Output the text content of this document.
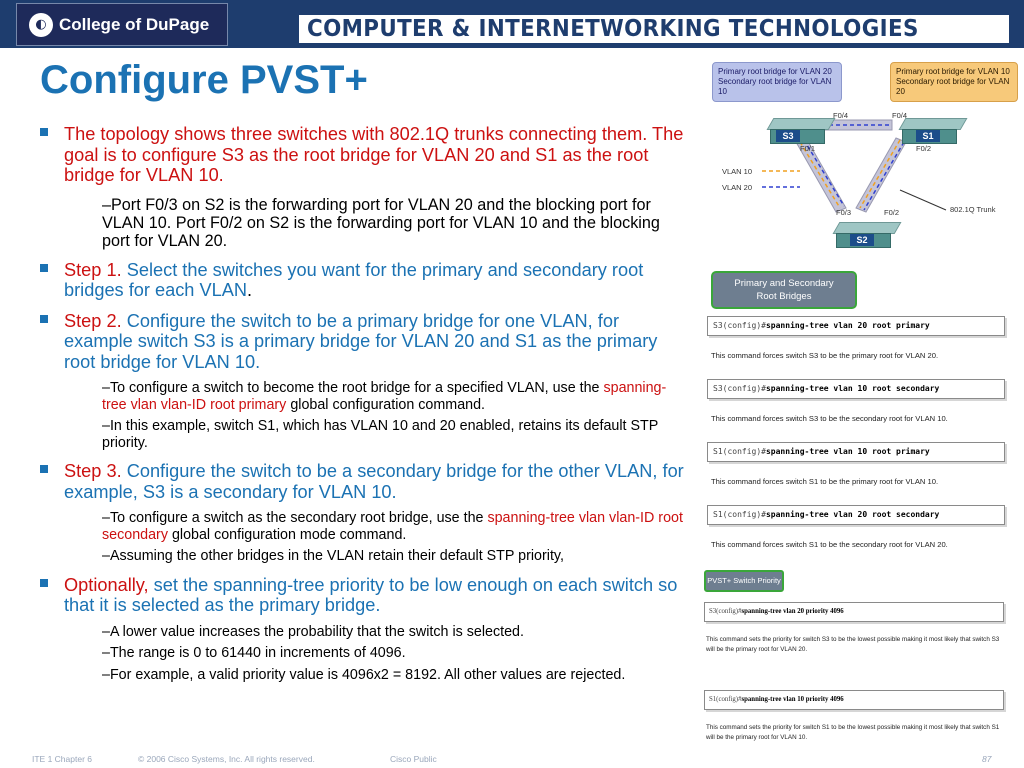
◐ College of DuPage	COMPUTER & INTERNETWORKING TECHNOLOGIES
Configure PVST+
The topology shows three switches with 802.1Q trunks connecting them. The goal is to configure S3 as the root bridge for VLAN 20 and S1 as the root bridge for VLAN 10.
–Port F0/3 on S2 is the forwarding port for VLAN 20 and the blocking port for VLAN 10. Port F0/2 on S2 is the forwarding port for VLAN 10 and the blocking port for VLAN 20.
Step 1. Select the switches you want for the primary and secondary root bridges for each VLAN.
Step 2. Configure the switch to be a primary bridge for one VLAN, for example switch S3 is a primary bridge for VLAN 20 and S1 as the primary root bridge for VLAN 10.
–To configure a switch to become the root bridge for a specified VLAN, use the spanning-tree vlan vlan-ID root primary global configuration command.
–In this example, switch S1, which has VLAN 10 and 20 enabled, retains its default STP priority.
Step 3. Configure the switch to be a secondary bridge for the other VLAN, for example, S3 is a secondary for VLAN 10.
–To configure a switch as the secondary root bridge, use the spanning-tree vlan vlan-ID root secondary global configuration mode command.
–Assuming the other bridges in the VLAN retain their default STP priority,
Optionally, set the spanning-tree priority to be low enough on each switch so that it is selected as the primary bridge.
–A lower value increases the probability that the switch is selected.
–The range is 0 to 61440 in increments of 4096.
–For example, a valid priority value is 4096x2 = 8192. All other values are rejected.
Primary root bridge for VLAN 20
Secondary root bridge for VLAN 10
Primary root bridge for VLAN 10
Secondary root bridge for VLAN 20
S3	S1
S2
F0/4	F0/4
F0/1	F0/2
F0/3	F0/2
VLAN 10
VLAN 20
802.1Q Trunk
Primary and Secondary
Root Bridges
S3(config)#spanning-tree vlan 20 root primary
This command forces switch S3 to be the primary root for VLAN 20.
S3(config)#spanning-tree vlan 10 root secondary
This command forces switch S3 to be the secondary root for VLAN 10.
S1(config)#spanning-tree vlan 10 root primary
This command forces switch S1 to be the primary root for VLAN 10.
S1(config)#spanning-tree vlan 20 root secondary
This command forces switch S1 to be the secondary root for VLAN 20.
PVST+ Switch Priority
S3(config)#spanning-tree vlan 20 priority 4096
This command sets the priority for switch S3 to be the lowest possible making it most likely that switch S3 will be the primary root for VLAN 20.
S1(config)#spanning-tree vlan 10 priority 4096
This command sets the priority for switch S1 to be the lowest possible making it most likely that switch S1 will be the primary root for VLAN 10.
ITE 1 Chapter 6	© 2006 Cisco Systems, Inc. All rights reserved.	Cisco Public	87
